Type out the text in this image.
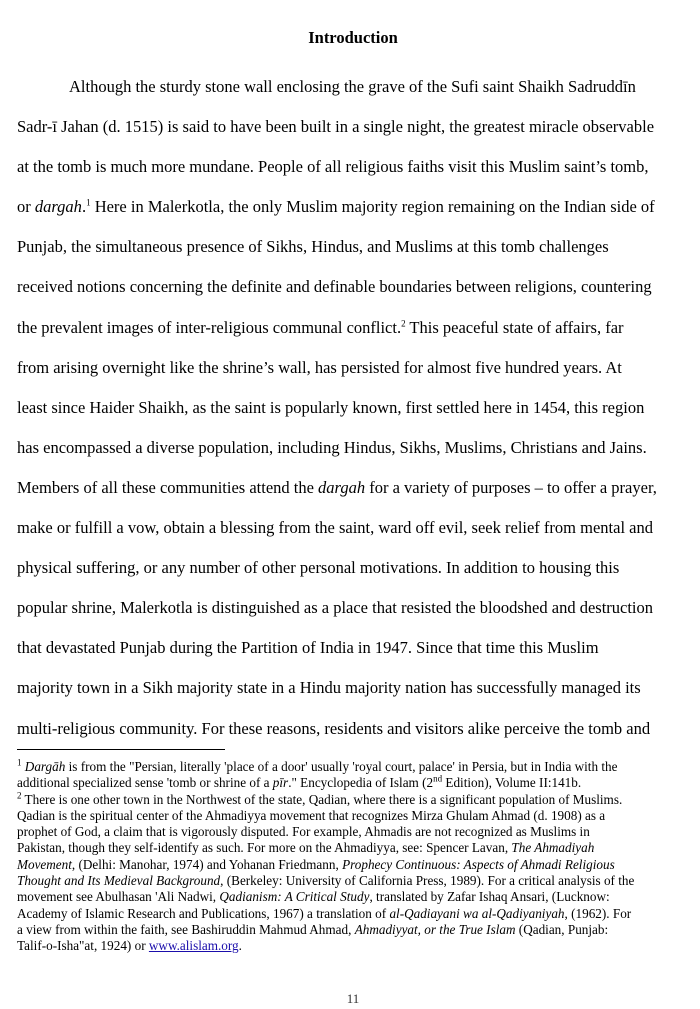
Introduction
Although the sturdy stone wall enclosing the grave of the Sufi saint Shaikh Sadruddīn
Sadr-ī Jahan (d. 1515) is said to have been built in a single night, the greatest miracle observable
at the tomb is much more mundane. People of all religious faiths visit this Muslim saint’s tomb,
or dargah.$^1$ Here in Malerkotla, the only Muslim majority region remaining on the Indian side of
Punjab, the simultaneous presence of Sikhs, Hindus, and Muslims at this tomb challenges
received notions concerning the definite and definable boundaries between religions, countering
the prevalent images of inter-religious communal conflict.$^2$ This peaceful state of affairs, far
from arising overnight like the shrine’s wall, has persisted for almost five hundred years. At
least since Haider Shaikh, as the saint is popularly known, first settled here in 1454, this region
has encompassed a diverse population, including Hindus, Sikhs, Muslims, Christians and Jains.
Members of all these communities attend the dargah for a variety of purposes – to offer a prayer,
make or fulfill a vow, obtain a blessing from the saint, ward off evil, seek relief from mental and
physical suffering, or any number of other personal motivations. In addition to housing this
popular shrine, Malerkotla is distinguished as a place that resisted the bloodshed and destruction
that devastated Punjab during the Partition of India in 1947. Since that time this Muslim
majority town in a Sikh majority state in a Hindu majority nation has successfully managed its
multi-religious community. For these reasons, residents and visitors alike perceive the tomb and
$^1$ Dargāh is from the "Persian, literally 'place of a door' usually 'royal court, palace' in Persia, but in India with the
additional specialized sense 'tomb or shrine of a pīr." Encyclopedia of Islam (2nd Edition), Volume II:141b.
$^2$ There is one other town in the Northwest of the state, Qadian, where there is a significant population of Muslims.
Qadian is the spiritual center of the Ahmadiyya movement that recognizes Mirza Ghulam Ahmad (d. 1908) as a
prophet of God, a claim that is vigorously disputed. For example, Ahmadis are not recognized as Muslims in
Pakistan, though they self-identify as such. For more on the Ahmadiyya, see: Spencer Lavan, The Ahmadiyah
Movement, (Delhi: Manohar, 1974) and Yohanan Friedmann, Prophecy Continuous: Aspects of Ahmadi Religious
Thought and Its Medieval Background, (Berkeley: University of California Press, 1989). For a critical analysis of the
movement see Abulhasan 'Ali Nadwi, Qadianism: A Critical Study, translated by Zafar Ishaq Ansari, (Lucknow:
Academy of Islamic Research and Publications, 1967) a translation of al-Qadiayani wa al-Qadiyaniyah, (1962). For
a view from within the faith, see Bashiruddin Mahmud Ahmad, Ahmadiyyat, or the True Islam (Qadian, Punjab:
Talif-o-Isha"at, 1924) or www.alislam.org.
11
